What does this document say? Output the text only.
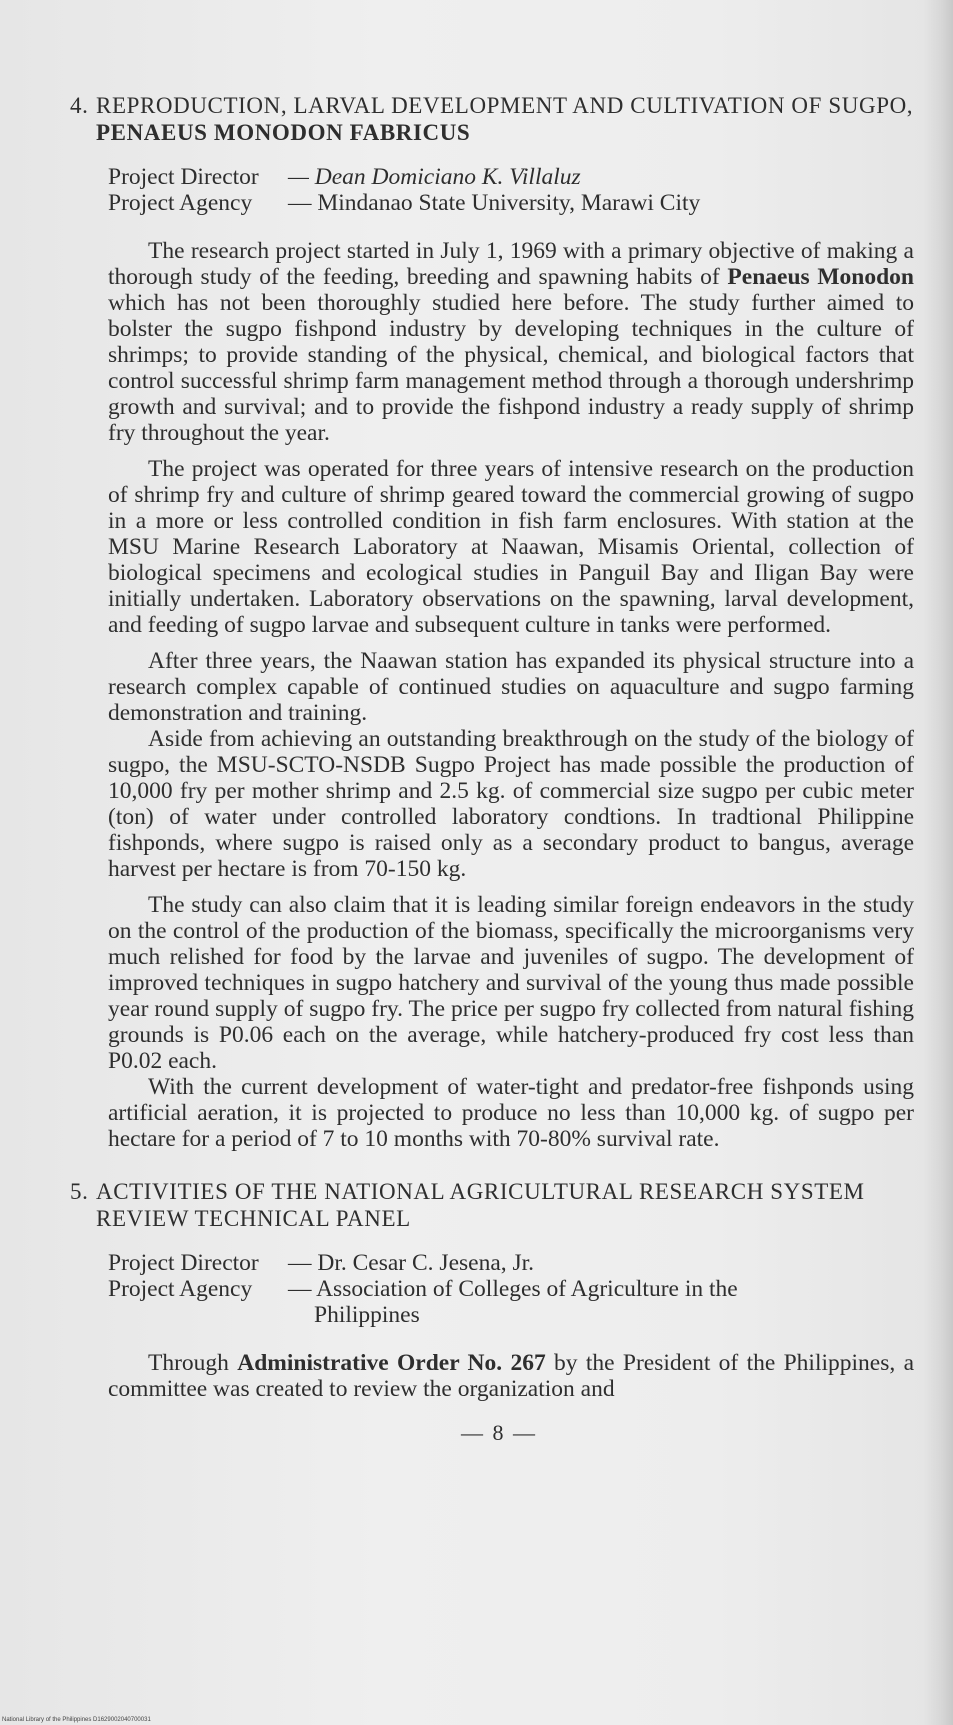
4. REPRODUCTION, LARVAL DEVELOPMENT AND CULTIVATION OF SUGPO, PENAEUS MONODON FABRICUS
Project Director	— Dean Domiciano K. Villaluz
Project Agency	— Mindanao State University, Marawi City

The research project started in July 1, 1969 with a primary objective of making a thorough study of the feeding, breeding and spawning habits of Penaeus Monodon which has not been thoroughly studied here before. The study further aimed to bolster the sugpo fishpond industry by developing techniques in the culture of shrimps; to provide standing of the physical, chemical, and biological factors that control successful shrimp farm management method through a thorough undershrimp growth and survival; and to provide the fishpond industry a ready supply of shrimp fry throughout the year.

The project was operated for three years of intensive research on the production of shrimp fry and culture of shrimp geared toward the commercial growing of sugpo in a more or less controlled condition in fish farm enclosures. With station at the MSU Marine Research Laboratory at Naawan, Misamis Oriental, collection of biological specimens and ecological studies in Panguil Bay and Iligan Bay were initially undertaken. Laboratory observations on the spawning, larval development, and feeding of sugpo larvae and subsequent culture in tanks were performed.

After three years, the Naawan station has expanded its physical structure into a research complex capable of continued studies on aquaculture and sugpo farming demonstration and training.

Aside from achieving an outstanding breakthrough on the study of the biology of sugpo, the MSU-SCTO-NSDB Sugpo Project has made possible the production of 10,000 fry per mother shrimp and 2.5 kg. of commercial size sugpo per cubic meter (ton) of water under controlled laboratory condtions. In tradtional Philippine fishponds, where sugpo is raised only as a secondary product to bangus, average harvest per hectare is from 70-150 kg.

The study can also claim that it is leading similar foreign endeavors in the study on the control of the production of the biomass, specifically the microorganisms very much relished for food by the larvae and juveniles of sugpo. The development of improved techniques in sugpo hatchery and survival of the young thus made possible year round supply of sugpo fry. The price per sugpo fry collected from natural fishing grounds is P0.06 each on the average, while hatchery-produced fry cost less than P0.02 each.

With the current development of water-tight and predator-free fishponds using artificial aeration, it is projected to produce no less than 10,000 kg. of sugpo per hectare for a period of 7 to 10 months with 70-80% survival rate.

5. ACTIVITIES OF THE NATIONAL AGRICULTURAL RESEARCH SYSTEM REVIEW TECHNICAL PANEL
Project Director	— Dr. Cesar C. Jesena, Jr.
Project Agency	— Association of Colleges of Agriculture in the
Philippines

Through Administrative Order No. 267 by the President of the Philippines, a committee was created to review the organization and

— 8 —
National Library of the Philippines D1629002040700031
